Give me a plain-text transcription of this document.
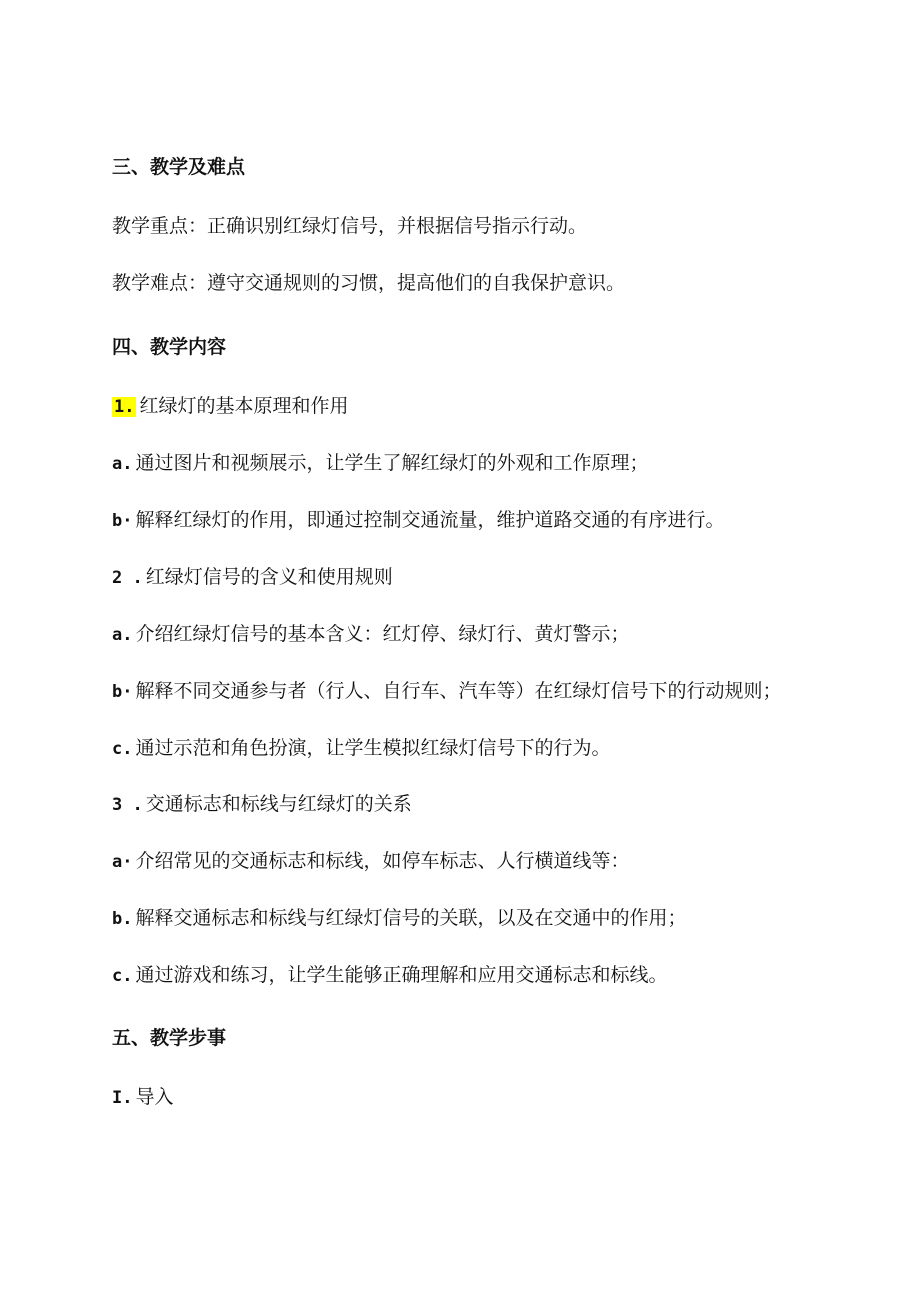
三、教学及难点
教学重点：正确识别红绿灯信号，并根据信号指示行动。
教学难点：遵守交通规则的习惯，提高他们的自我保护意识。
四、教学内容
1. 红绿灯的基本原理和作用
a. 通过图片和视频展示，让学生了解红绿灯的外观和工作原理；
b· 解释红绿灯的作用，即通过控制交通流量，维护道路交通的有序进行。
2 . 红绿灯信号的含义和使用规则
a. 介绍红绿灯信号的基本含义：红灯停、绿灯行、黄灯警示；
b· 解释不同交通参与者（行人、自行车、汽车等）在红绿灯信号下的行动规则；
c. 通过示范和角色扮演，让学生模拟红绿灯信号下的行为。
3 . 交通标志和标线与红绿灯的关系
a· 介绍常见的交通标志和标线，如停车标志、人行横道线等：
b. 解释交通标志和标线与红绿灯信号的关联，以及在交通中的作用；
c. 通过游戏和练习，让学生能够正确理解和应用交通标志和标线。
五、教学步事
I. 导入
